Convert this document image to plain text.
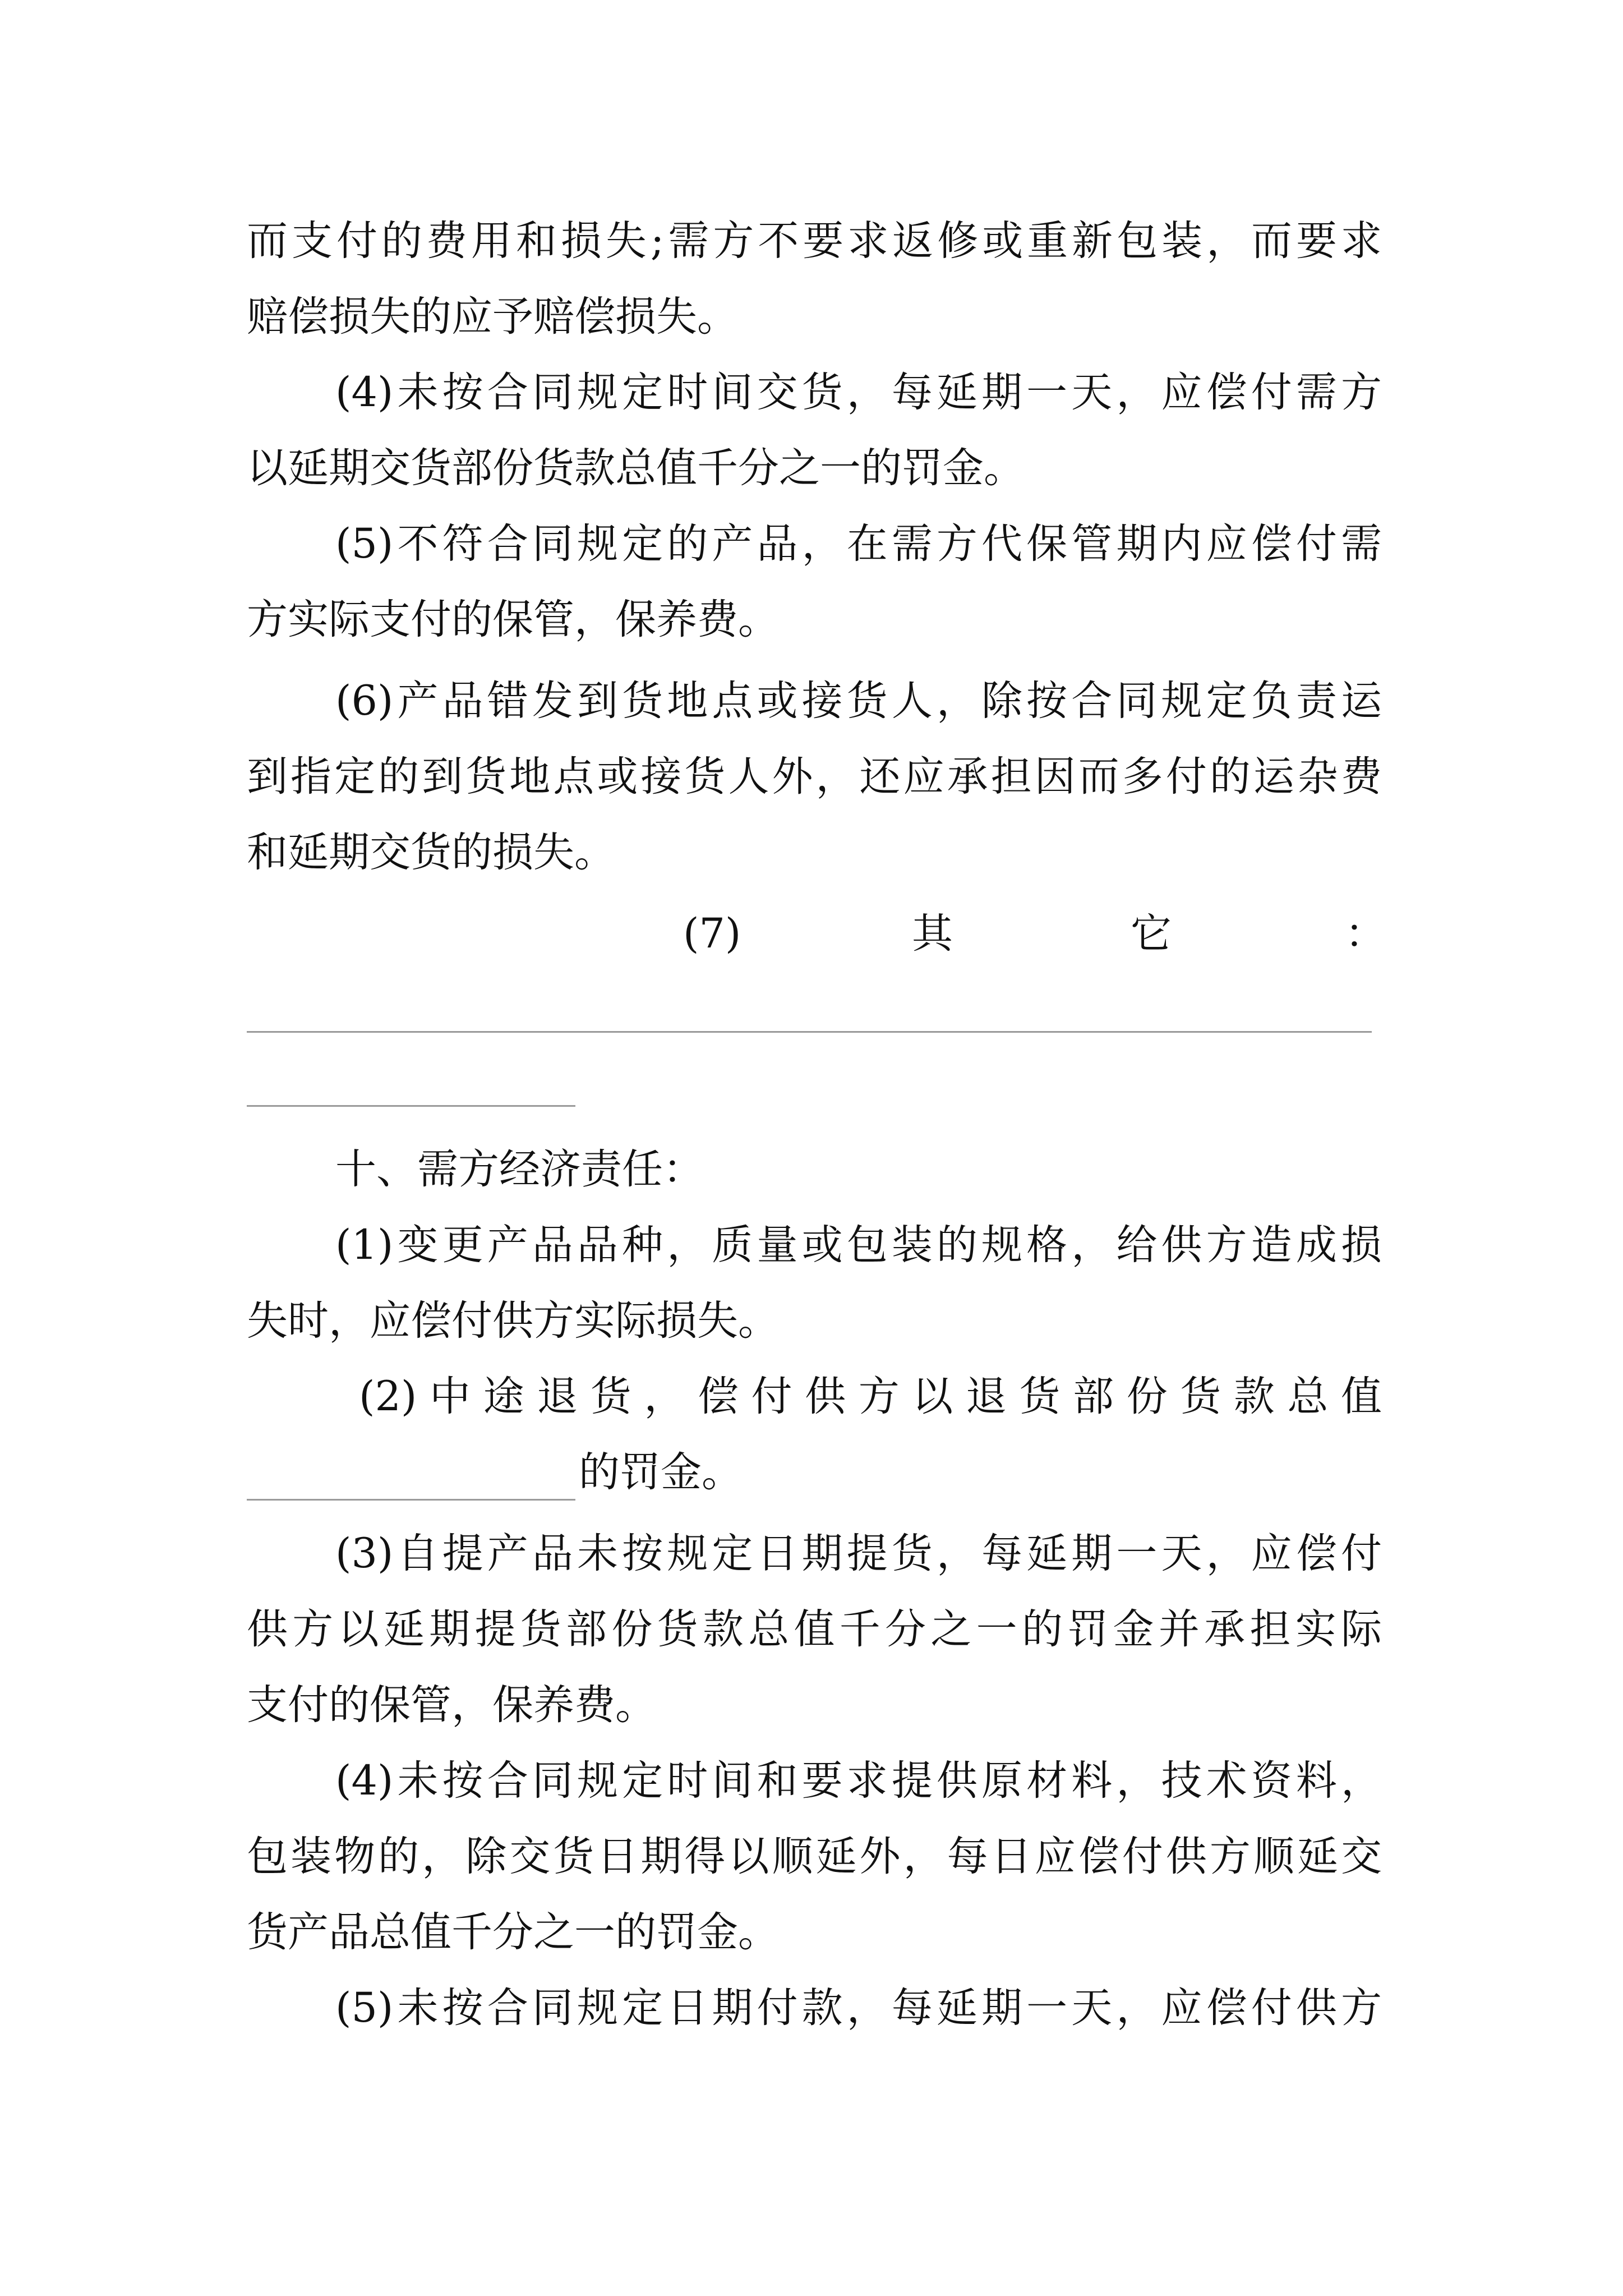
而支付的费用和损失;需方不要求返修或重新包装，而要求
赔偿损失的应予赔偿损失。
(4)未按合同规定时间交货，每延期一天，应偿付需方
以延期交货部份货款总值千分之一的罚金。
(5)不符合同规定的产品，在需方代保管期内应偿付需
方实际支付的保管，保养费。
(6)产品错发到货地点或接货人，除按合同规定负责运
到指定的到货地点或接货人外，还应承担因而多付的运杂费
和延期交货的损失。
(7)	其	它	：
十、需方经济责任：
(1)变更产品品种，质量或包装的规格，给供方造成损
失时，应偿付供方实际损失。
(2)中途退货，偿付供方以退货部份货款总值
的罚金。
(3)自提产品未按规定日期提货，每延期一天，应偿付
供方以延期提货部份货款总值千分之一的罚金并承担实际
支付的保管，保养费。
(4)未按合同规定时间和要求提供原材料，技术资料，
包装物的，除交货日期得以顺延外，每日应偿付供方顺延交
货产品总值千分之一的罚金。
(5)未按合同规定日期付款，每延期一天，应偿付供方
